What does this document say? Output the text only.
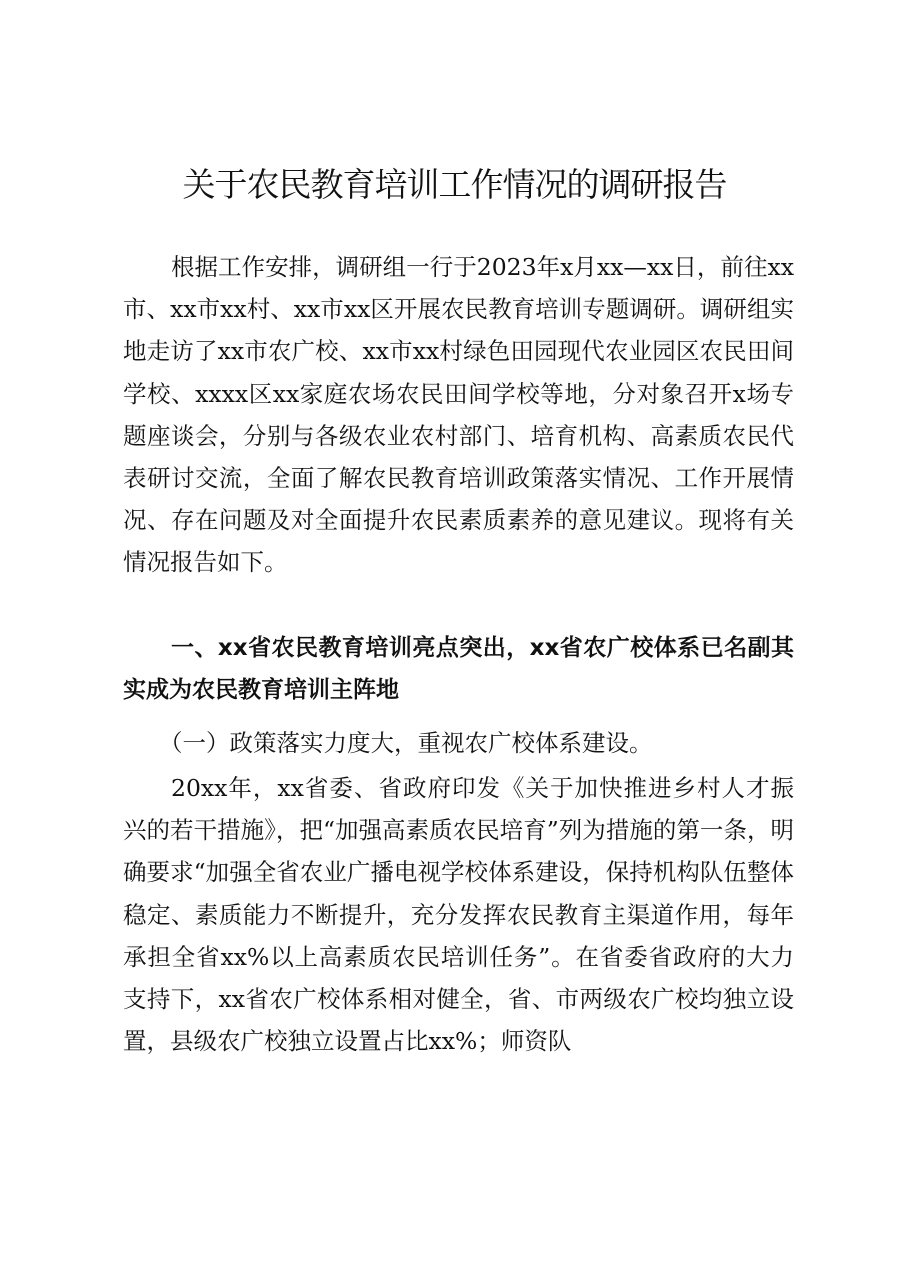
关于农民教育培训工作情况的调研报告

根据工作安排，调研组一行于2023年x月xx—xx日，前往xx市、xx市xx村、xx市xx区开展农民教育培训专题调研。调研组实地走访了xx市农广校、xx市xx村绿色田园现代农业园区农民田间学校、xxxx区xx家庭农场农民田间学校等地，分对象召开x场专题座谈会，分别与各级农业农村部门、培育机构、高素质农民代表研讨交流，全面了解农民教育培训政策落实情况、工作开展情况、存在问题及对全面提升农民素质素养的意见建议。现将有关情况报告如下。

一、xx省农民教育培训亮点突出，xx省农广校体系已名副其实成为农民教育培训主阵地

（一）政策落实力度大，重视农广校体系建设。

20xx年，xx省委、省政府印发《关于加快推进乡村人才振兴的若干措施》，把“加强高素质农民培育”列为措施的第一条，明确要求“加强全省农业广播电视学校体系建设，保持机构队伍整体稳定、素质能力不断提升，充分发挥农民教育主渠道作用，每年承担全省xx%以上高素质农民培训任务”。在省委省政府的大力支持下，xx省农广校体系相对健全，省、市两级农广校均独立设置，县级农广校独立设置占比xx%；师资队
